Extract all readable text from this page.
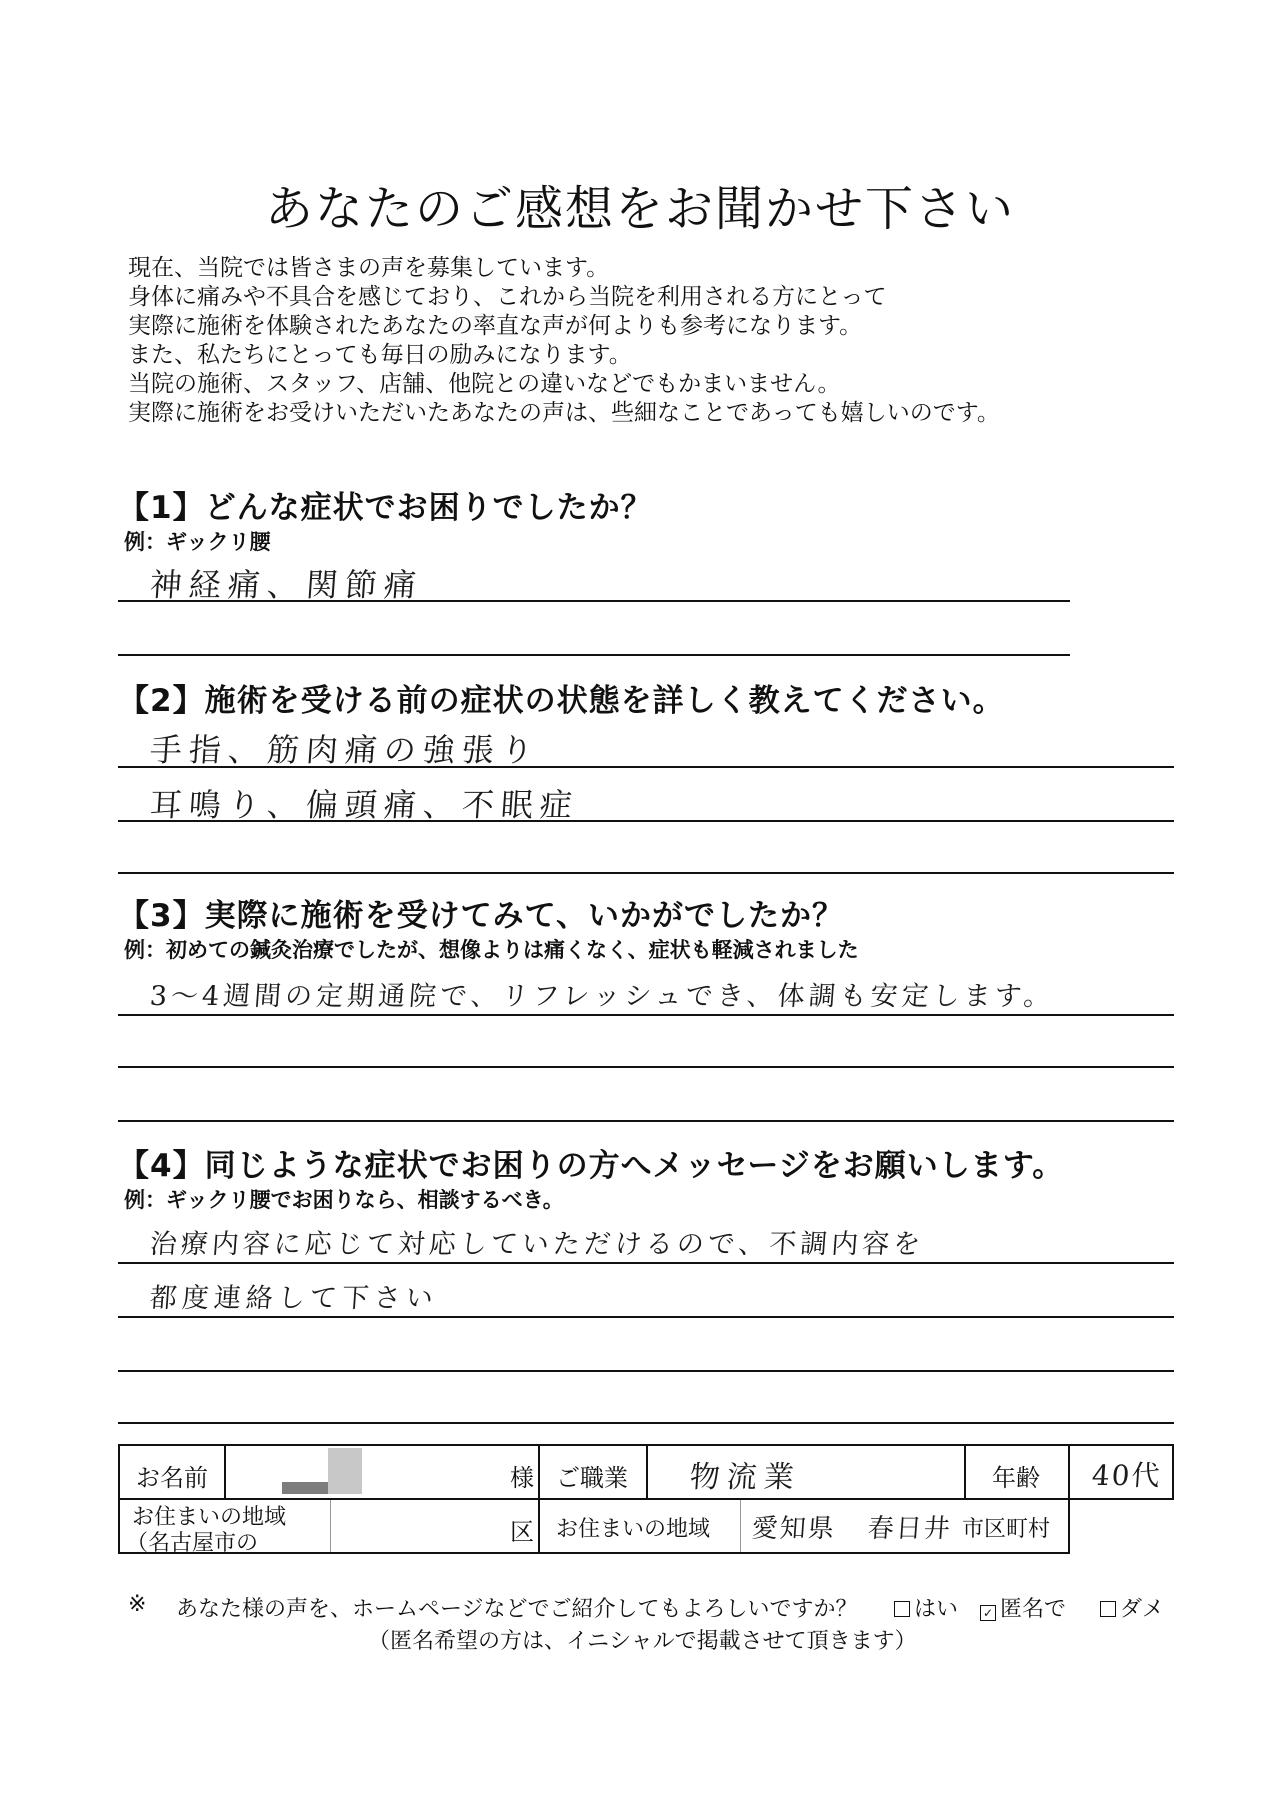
あなたのご感想をお聞かせ下さい
現在、当院では皆さまの声を募集しています。
身体に痛みや不具合を感じており、これから当院を利用される方にとって
実際に施術を体験されたあなたの率直な声が何よりも参考になります。
また、私たちにとっても毎日の励みになります。
当院の施術、スタッフ、店舗、他院との違いなどでもかまいません。
実際に施術をお受けいただいたあなたの声は、些細なことであっても嬉しいのです。
【1】どんな症状でお困りでしたか？
例：ギックリ腰
神経痛、関節痛
【2】施術を受ける前の症状の状態を詳しく教えてください。
手指、筋肉痛の強張り
耳鳴り、偏頭痛、不眠症
【3】実際に施術を受けてみて、いかがでしたか？
例：初めての鍼灸治療でしたが、想像よりは痛くなく、症状も軽減されました
3〜4週間の定期通院で、リフレッシュでき、体調も安定します。
【4】同じような症状でお困りの方へメッセージをお願いします。
例：ギックリ腰でお困りなら、相談するべき。
治療内容に応じて対応していただけるので、不調内容を
都度連絡して下さい
お名前	様 ご職業 物流業	年齢 40代
お住まいの地域
（名古屋市の	区 お住まいの地域 愛知県 春日井 市区町村
※ あなた様の声を、ホームページなどでご紹介してもよろしいですか？	はい ✓ 匿名で	ダメ
（匿名希望の方は、イニシャルで掲載させて頂きます）
